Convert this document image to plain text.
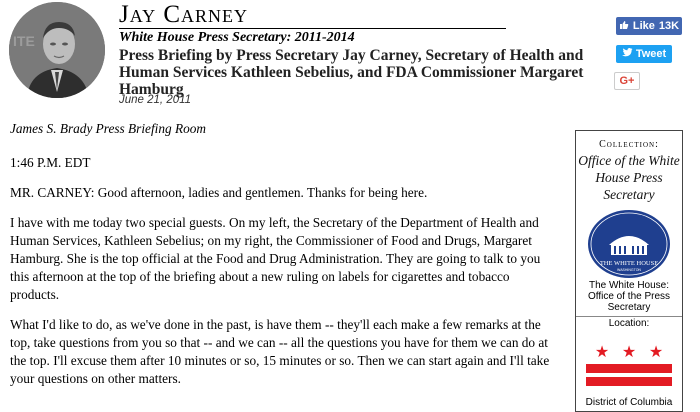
ITE
Jay Carney
White House Press Secretary: 2011-2014
Press Briefing by Press Secretary Jay Carney, Secretary of Health and Human Services Kathleen Sebelius, and FDA Commissioner Margaret Hamburg
June 21, 2011
Like 13K
Tweet
G+

James S. Brady Press Briefing Room

1:46 P.M. EDT

MR. CARNEY: Good afternoon, ladies and gentlemen. Thanks for being here.

I have with me today two special guests. On my left, the Secretary of the Department of Health and Human Services, Kathleen Sebelius; on my right, the Commissioner of Food and Drugs, Margaret Hamburg. She is the top official at the Food and Drug Administration. They are going to talk to you this afternoon at the top of the briefing about a new ruling on labels for cigarettes and tobacco products.

What I'd like to do, as we've done in the past, is have them -- they'll each make a few remarks at the top, take questions from you so that -- and we can -- all the questions you have for them we can do at the top. I'll excuse them after 10 minutes or so, 15 minutes or so. Then we can start again and I'll take your questions on other matters.

Collection:
Office of the White House Press Secretary
THE WHITE HOUSE
WASHINGTON
The White House: Office of the Press Secretary
Location:
★ ★ ★
District of Columbia
